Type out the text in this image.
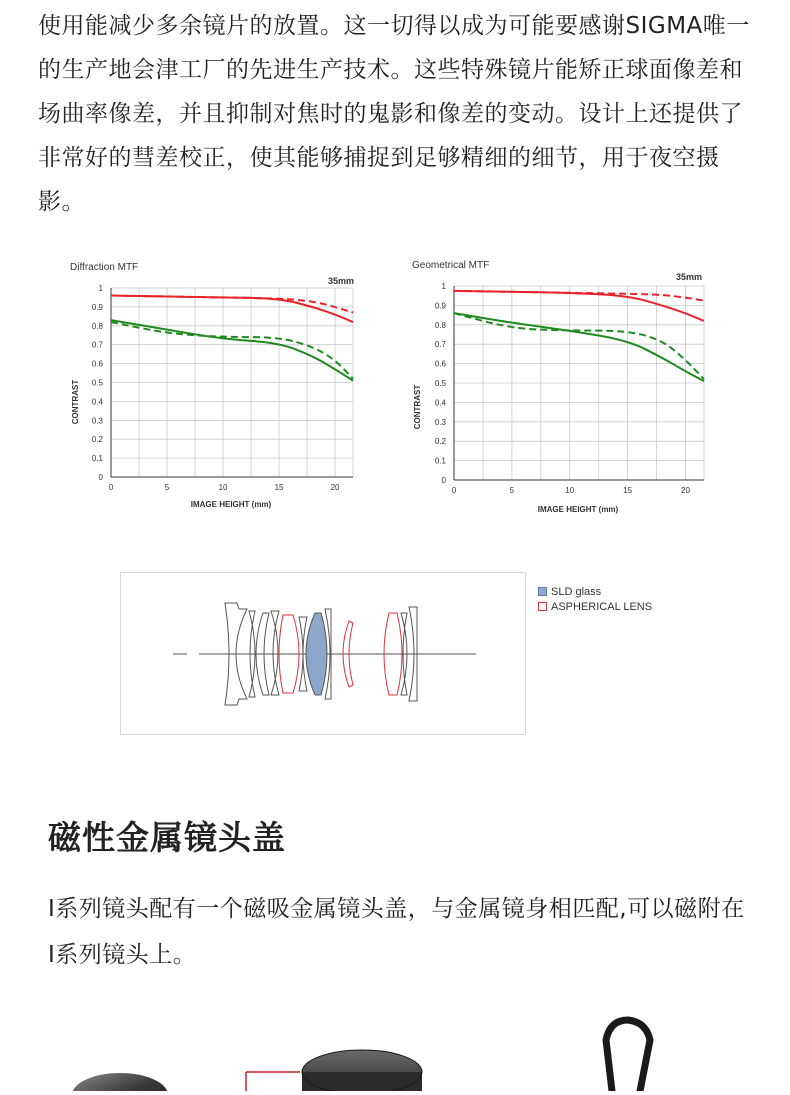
使用能减少多余镜片的放置。这一切得以成为可能要感谢SIGMA唯一的生产地会津工厂的先进生产技术。这些特殊镜片能矫正球面像差和场曲率像差，并且抑制对焦时的鬼影和像差的变动。设计上还提供了非常好的彗差校正，使其能够捕捉到足够精细的细节，用于夜空摄影。
Diffraction MTF
35mm
CONTRAST
IMAGE HEIGHT (mm)
0
0.1
0.2
0.3
0.4
0.5
0.6
0.7
0.8
0.9
1
0	5	10	15	20
Geometrical MTF
35mm
CONTRAST
IMAGE HEIGHT (mm)
0
0.1
0.2
0.3
0.4
0.5
0.6
0.7
0.8
0.9
1
0	5	10	15	20
SLD glass
ASPHERICAL LENS
磁性金属镜头盖
I系列镜头配有一个磁吸金属镜头盖，与金属镜身相匹配,可以磁附在I系列镜头上。
